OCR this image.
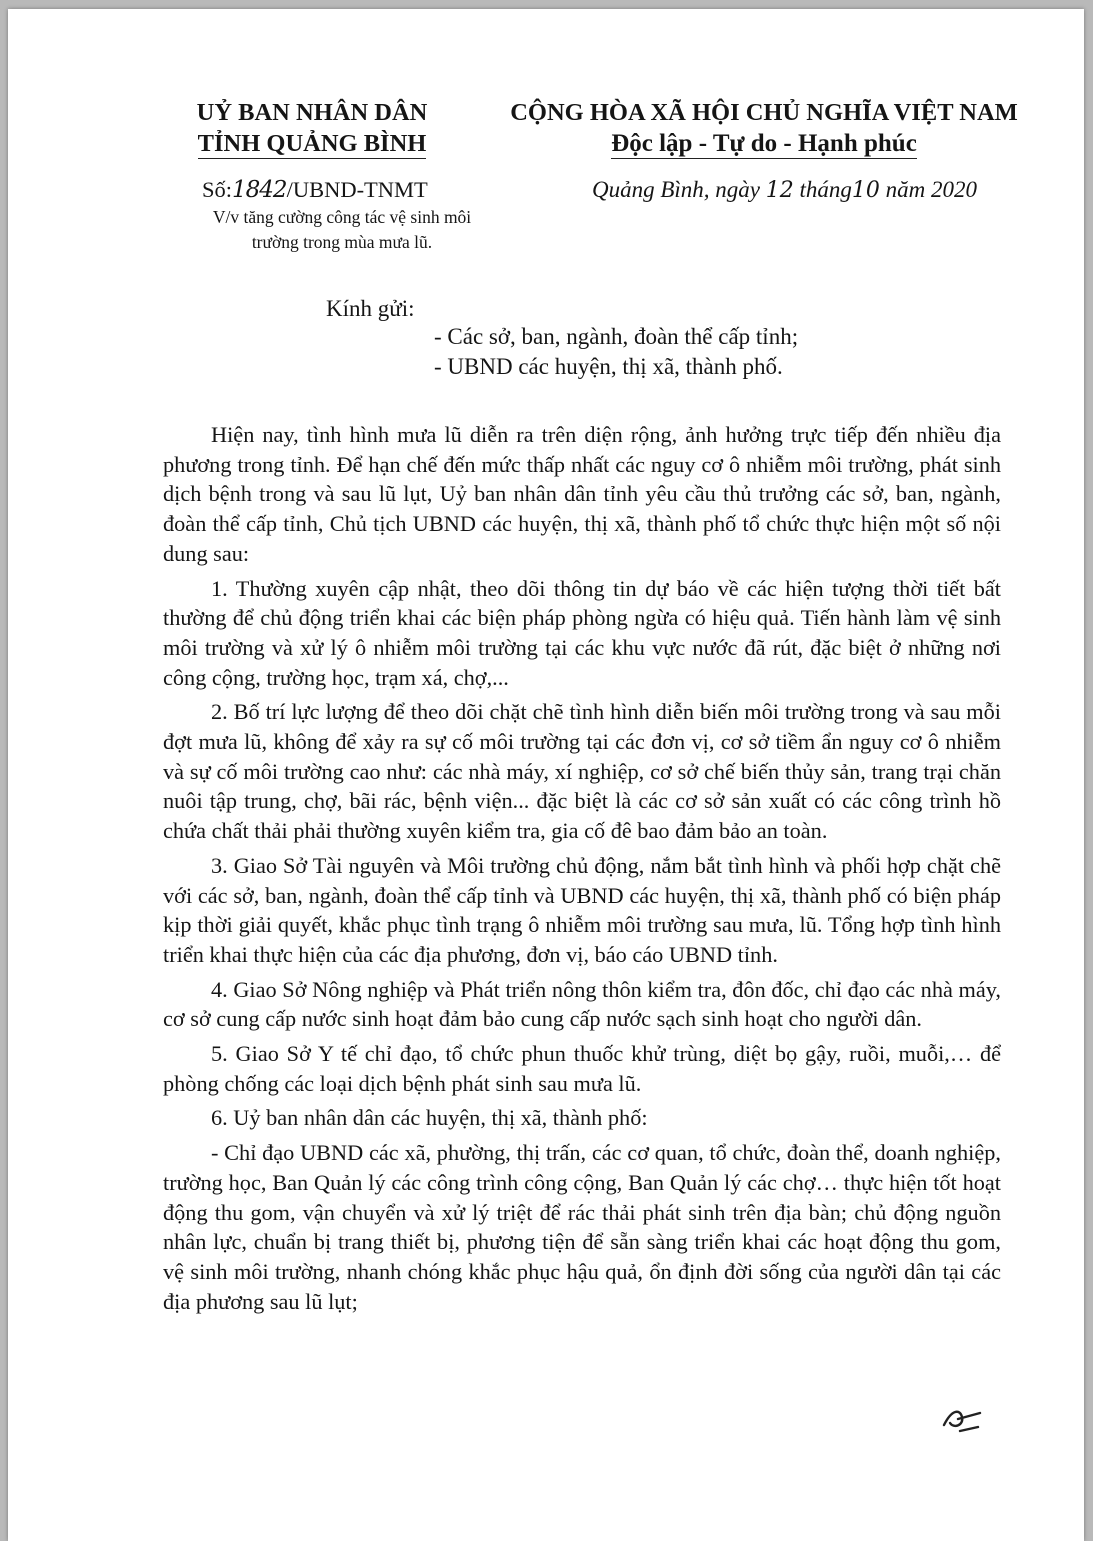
UỶ BAN NHÂN DÂN
TỈNH QUẢNG BÌNH
CỘNG HÒA XÃ HỘI CHỦ NGHĨA VIỆT NAM
Độc lập - Tự do - Hạnh phúc
Số:1842/UBND-TNMT
V/v tăng cường công tác vệ sinh môi
trường trong mùa mưa lũ.
Quảng Bình, ngày 12 tháng10 năm 2020
Kính gửi:
- Các sở, ban, ngành, đoàn thể cấp tỉnh;
- UBND các huyện, thị xã, thành phố.

Hiện nay, tình hình mưa lũ diễn ra trên diện rộng, ảnh hưởng trực tiếp đến nhiều địa phương trong tỉnh. Để hạn chế đến mức thấp nhất các nguy cơ ô nhiễm môi trường, phát sinh dịch bệnh trong và sau lũ lụt, Uỷ ban nhân dân tỉnh yêu cầu thủ trưởng các sở, ban, ngành, đoàn thể cấp tỉnh, Chủ tịch UBND các huyện, thị xã, thành phố tổ chức thực hiện một số nội dung sau:

1. Thường xuyên cập nhật, theo dõi thông tin dự báo về các hiện tượng thời tiết bất thường để chủ động triển khai các biện pháp phòng ngừa có hiệu quả. Tiến hành làm vệ sinh môi trường và xử lý ô nhiễm môi trường tại các khu vực nước đã rút, đặc biệt ở những nơi công cộng, trường học, trạm xá, chợ,...

2. Bố trí lực lượng để theo dõi chặt chẽ tình hình diễn biến môi trường trong và sau mỗi đợt mưa lũ, không để xảy ra sự cố môi trường tại các đơn vị, cơ sở tiềm ẩn nguy cơ ô nhiễm và sự cố môi trường cao như: các nhà máy, xí nghiệp, cơ sở chế biến thủy sản, trang trại chăn nuôi tập trung, chợ, bãi rác, bệnh viện... đặc biệt là các cơ sở sản xuất có các công trình hồ chứa chất thải phải thường xuyên kiểm tra, gia cố đê bao đảm bảo an toàn.

3. Giao Sở Tài nguyên và Môi trường chủ động, nắm bắt tình hình và phối hợp chặt chẽ với các sở, ban, ngành, đoàn thể cấp tỉnh và UBND các huyện, thị xã, thành phố có biện pháp kịp thời giải quyết, khắc phục tình trạng ô nhiễm môi trường sau mưa, lũ. Tổng hợp tình hình triển khai thực hiện của các địa phương, đơn vị, báo cáo UBND tỉnh.

4. Giao Sở Nông nghiệp và Phát triển nông thôn kiểm tra, đôn đốc, chỉ đạo các nhà máy, cơ sở cung cấp nước sinh hoạt đảm bảo cung cấp nước sạch sinh hoạt cho người dân.

5. Giao Sở Y tế chỉ đạo, tổ chức phun thuốc khử trùng, diệt bọ gậy, ruồi, muỗi,… để phòng chống các loại dịch bệnh phát sinh sau mưa lũ.

6. Uỷ ban nhân dân các huyện, thị xã, thành phố:

- Chỉ đạo UBND các xã, phường, thị trấn, các cơ quan, tổ chức, đoàn thể, doanh nghiệp, trường học, Ban Quản lý các công trình công cộng, Ban Quản lý các chợ… thực hiện tốt hoạt động thu gom, vận chuyển và xử lý triệt để rác thải phát sinh trên địa bàn; chủ động nguồn nhân lực, chuẩn bị trang thiết bị, phương tiện để sẵn sàng triển khai các hoạt động thu gom, vệ sinh môi trường, nhanh chóng khắc phục hậu quả, ổn định đời sống của người dân tại các địa phương sau lũ lụt;
